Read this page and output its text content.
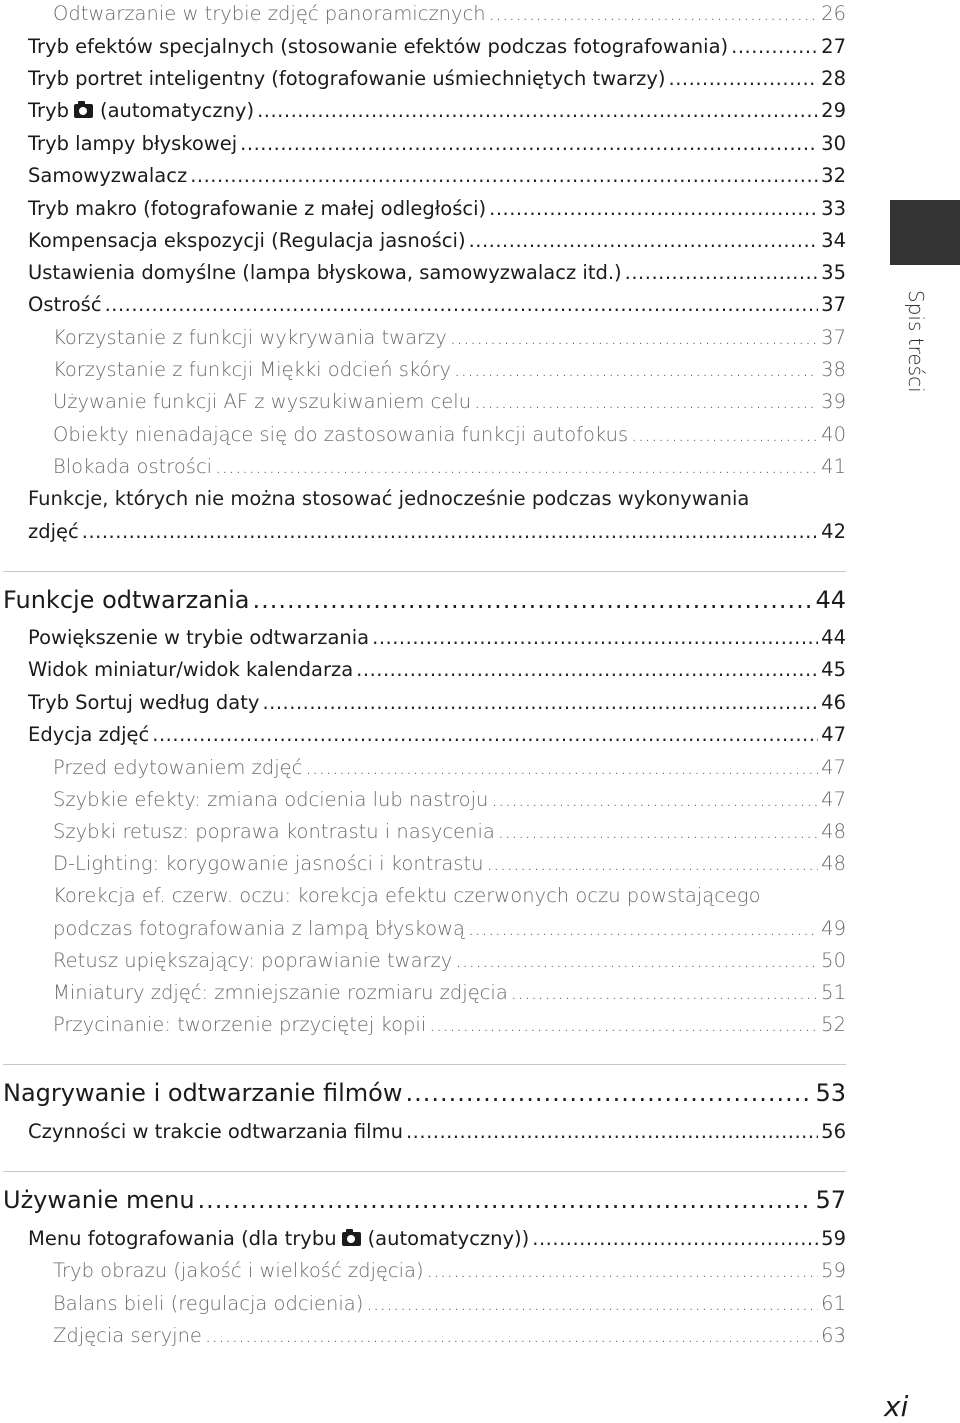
Odtwarzanie w trybie zdjęć panoramicznych .....	26
Tryb efektów specjalnych (stosowanie efektów podczas fotografowania) .....	27
Tryb portret inteligentny (fotografowanie uśmiechniętych twarzy) .....	28
Tryb (automatyczny) .....	29
Tryb lampy błyskowej .....	30
Samowyzwalacz .....	32
Tryb makro (fotografowanie z małej odległości) .....	33
Kompensacja ekspozycji (Regulacja jasności) .....	34
Ustawienia domyślne (lampa błyskowa, samowyzwalacz itd.) .....	35
Ostrość .....	37
Korzystanie z funkcji wykrywania twarzy .....	37
Korzystanie z funkcji Miękki odcień skóry .....	38
Używanie funkcji AF z wyszukiwaniem celu .....	39
Obiekty nienadające się do zastosowania funkcji autofokus .....	40
Blokada ostrości .....	41
Funkcje, których nie można stosować jednocześnie podczas wykonywania
zdjęć .....	42
Funkcje odtwarzania .....	44
Powiększenie w trybie odtwarzania .....	44
Widok miniatur/widok kalendarza .....	45
Tryb Sortuj według daty .....	46
Edycja zdjęć .....	47
Przed edytowaniem zdjęć .....	47
Szybkie efekty: zmiana odcienia lub nastroju .....	47
Szybki retusz: poprawa kontrastu i nasycenia .....	48
D-Lighting: korygowanie jasności i kontrastu .....	48
Korekcja ef. czerw. oczu: korekcja efektu czerwonych oczu powstającego
podczas fotografowania z lampą błyskową .....	49
Retusz upiększający: poprawianie twarzy .....	50
Miniatury zdjęć: zmniejszanie rozmiaru zdjęcia .....	51
Przycinanie: tworzenie przyciętej kopii .....	52
Nagrywanie i odtwarzanie filmów .....	53
Czynności w trakcie odtwarzania filmu .....	56
Używanie menu .....	57
Menu fotografowania (dla trybu (automatyczny)) .....	59
Tryb obrazu (jakość i wielkość zdjęcia) .....	59
Balans bieli (regulacja odcienia) .....	61
Zdjęcia seryjne .....	63
Spis treści
xi
